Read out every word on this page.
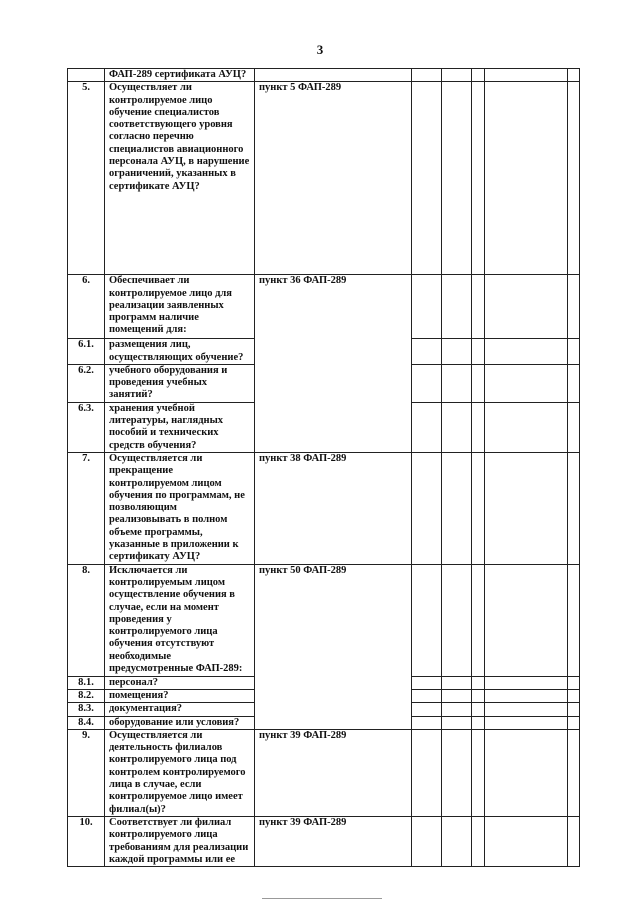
3
	ФАП-289 сертификата АУЦ?						
5.	Осуществляет ли контролируемое лицо обучение специалистов соответствующего уровня согласно перечню специалистов авиационного персонала АУЦ, в нарушение ограничений, указанных в сертификате АУЦ?	пункт 5 ФАП-289					
6.	Обеспечивает ли контролируемое лицо для реализации заявленных программ наличие помещений для:	пункт 36 ФАП-289					
6.1.	размещения лиц, осуществляющих обучение?						
6.2.	учебного оборудования и проведения учебных занятий?						
6.3.	хранения учебной литературы, наглядных пособий и технических средств обучения?						
7.	Осуществляется ли прекращение контролируемом лицом обучения по программам, не позволяющим реализовывать в полном объеме программы, указанные в приложении к сертификату АУЦ?	пункт 38 ФАП-289					
8.	Исключается ли контролируемым лицом осуществление обучения в случае, если на момент проведения у контролируемого лица обучения отсутствуют необходимые предусмотренные ФАП-289:	пункт 50 ФАП-289					
8.1.	персонал?						
8.2.	помещения?						
8.3.	документация?						
8.4.	оборудование или условия?						
9.	Осуществляется ли деятельность филиалов контролируемого лица под контролем контролируемого лица в случае, если контролируемое лицо имеет филиал(ы)?	пункт 39 ФАП-289					
10.	Соответствует ли филиал контролируемого лица требованиям для реализации каждой программы или ее	пункт 39 ФАП-289					
